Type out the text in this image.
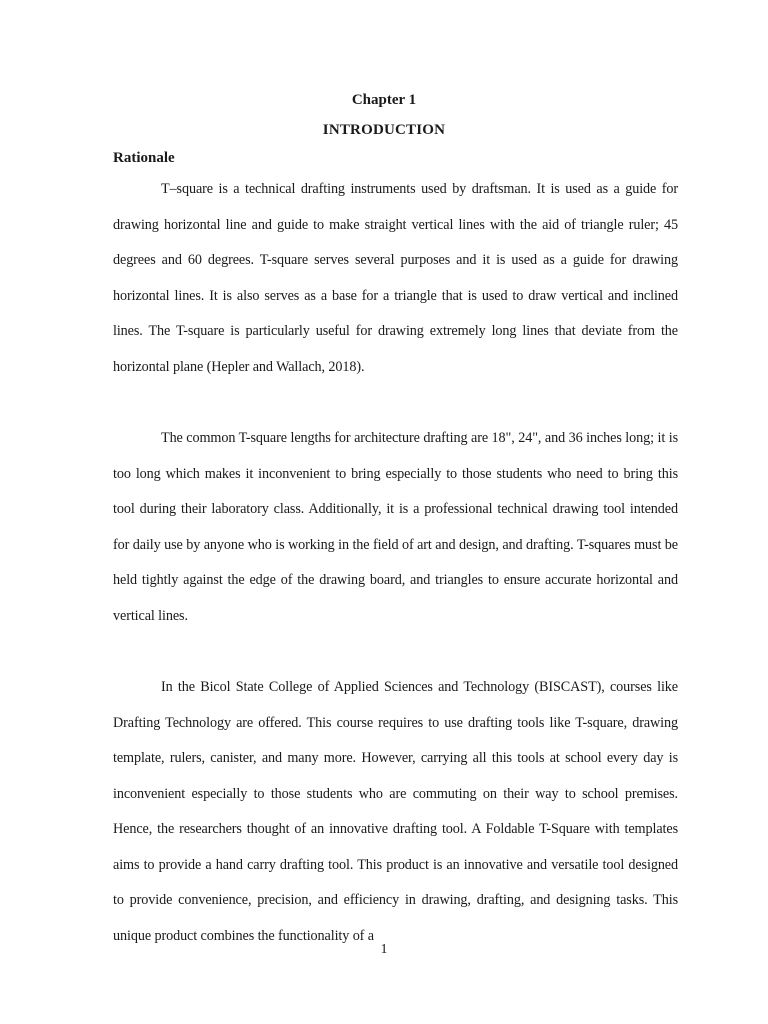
Chapter 1
INTRODUCTION
Rationale

T–square is a technical drafting instruments used by draftsman. It is used as a guide for drawing horizontal line and guide to make straight vertical lines with the aid of triangle ruler; 45 degrees and 60 degrees. T-square serves several purposes and it is used as a guide for drawing horizontal lines. It is also serves as a base for a triangle that is used to draw vertical and inclined lines. The T-square is particularly useful for drawing extremely long lines that deviate from the horizontal plane (Hepler and Wallach, 2018).

The common T-square lengths for architecture drafting are 18", 24", and 36 inches long; it is too long which makes it inconvenient to bring especially to those students who need to bring this tool during their laboratory class. Additionally, it is a professional technical drawing tool intended for daily use by anyone who is working in the field of art and design, and drafting. T-squares must be held tightly against the edge of the drawing board, and triangles to ensure accurate horizontal and vertical lines.

In the Bicol State College of Applied Sciences and Technology (BISCAST), courses like Drafting Technology are offered. This course requires to use drafting tools like T-square, drawing template, rulers, canister, and many more. However, carrying all this tools at school every day is inconvenient especially to those students who are commuting on their way to school premises. Hence, the researchers thought of an innovative drafting tool. A Foldable T-Square with templates aims to provide a hand carry drafting tool. This product is an innovative and versatile tool designed to provide convenience, precision, and efficiency in drawing, drafting, and designing tasks. This unique product combines the functionality of a

1
